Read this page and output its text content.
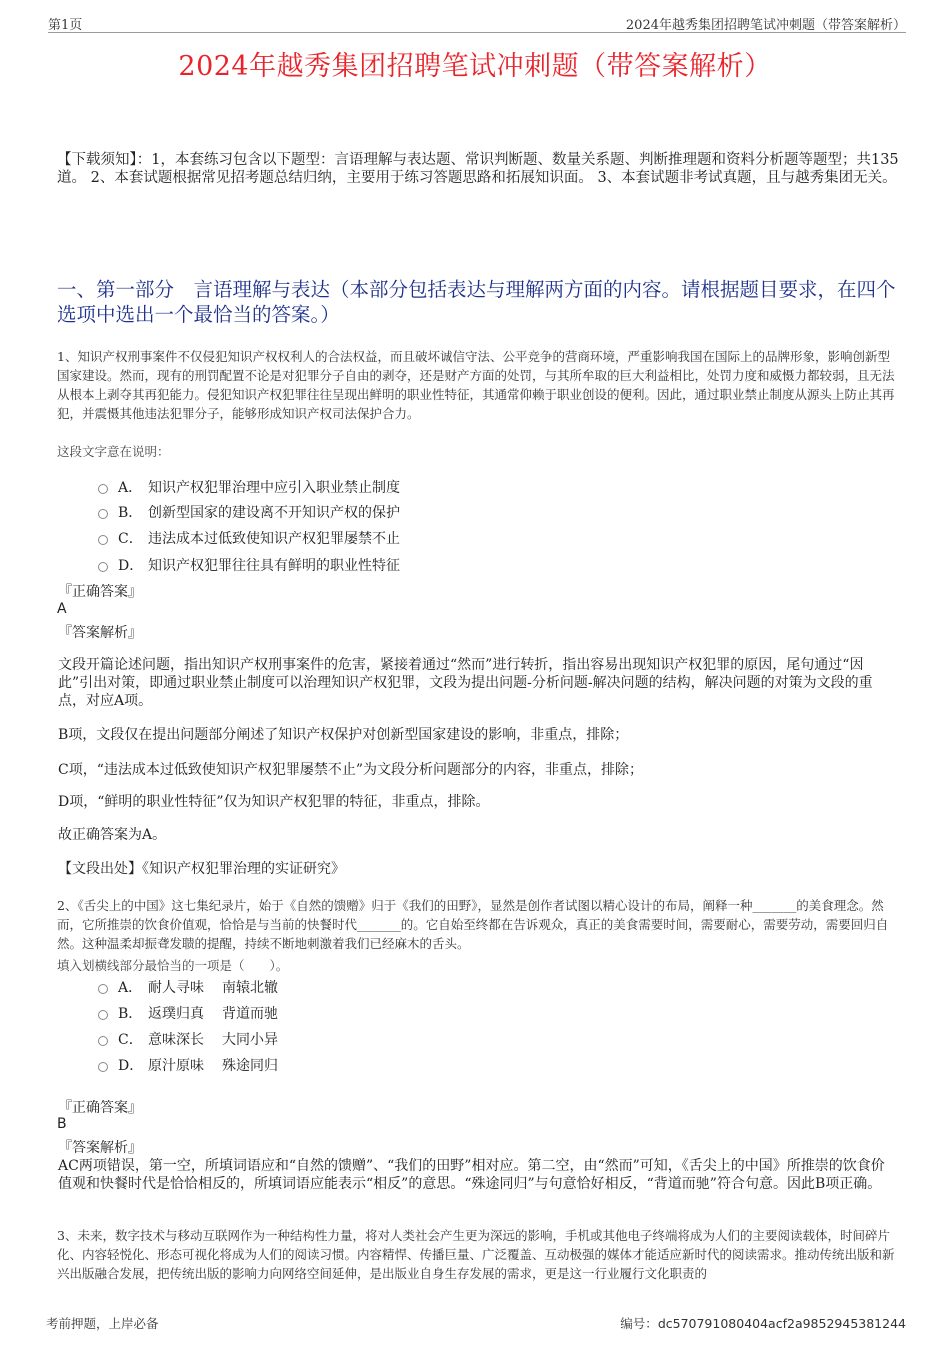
第1页	2024年越秀集团招聘笔试冲刺题（带答案解析）
2024年越秀集团招聘笔试冲刺题（带答案解析）
【下载须知】：1，本套练习包含以下题型：言语理解与表达题、常识判断题、数量关系题、判断推理题和资料分析题等题型；共135道。 2、本套试题根据常见招考题总结归纳，主要用于练习答题思路和拓展知识面。 3、本套试题非考试真题，且与越秀集团无关。
一、第一部分　言语理解与表达（本部分包括表达与理解两方面的内容。请根据题目要求，在四个选项中选出一个最恰当的答案。）
1、知识产权刑事案件不仅侵犯知识产权权利人的合法权益，而且破坏诚信守法、公平竞争的营商环境，严重影响我国在国际上的品牌形象，影响创新型国家建设。然而，现有的刑罚配置不论是对犯罪分子自由的剥夺，还是财产方面的处罚，与其所牟取的巨大利益相比，处罚力度和威慑力都较弱，且无法从根本上剥夺其再犯能力。侵犯知识产权犯罪往往呈现出鲜明的职业性特征，其通常仰赖于职业创设的便利。因此，通过职业禁止制度从源头上防止其再犯，并震慑其他违法犯罪分子，能够形成知识产权司法保护合力。
这段文字意在说明：
A． 知识产权犯罪治理中应引入职业禁止制度
B． 创新型国家的建设离不开知识产权的保护
C． 违法成本过低致使知识产权犯罪屡禁不止
D． 知识产权犯罪往往具有鲜明的职业性特征
『正确答案』
A
『答案解析』
文段开篇论述问题，指出知识产权刑事案件的危害，紧接着通过“然而”进行转折，指出容易出现知识产权犯罪的原因，尾句通过“因此”引出对策，即通过职业禁止制度可以治理知识产权犯罪，文段为提出问题-分析问题-解决问题的结构，解决问题的对策为文段的重点，对应A项。
B项，文段仅在提出问题部分阐述了知识产权保护对创新型国家建设的影响，非重点，排除；
C项，“违法成本过低致使知识产权犯罪屡禁不止”为文段分析问题部分的内容，非重点，排除；
D项，“鲜明的职业性特征”仅为知识产权犯罪的特征，非重点，排除。
故正确答案为A。
【文段出处】《知识产权犯罪治理的实证研究》
2、《舌尖上的中国》这七集纪录片，始于《自然的馈赠》归于《我们的田野》，显然是创作者试图以精心设计的布局，阐释一种_______的美食理念。然而，它所推崇的饮食价值观，恰恰是与当前的快餐时代_______的。它自始至终都在告诉观众，真正的美食需要时间，需要耐心，需要劳动，需要回归自然。这种温柔却振聋发聩的提醒，持续不断地刺激着我们已经麻木的舌头。
填入划横线部分最恰当的一项是（　　）。
A． 耐人寻味 南辕北辙
B． 返璞归真 背道而驰
C． 意味深长 大同小异
D． 原汁原味 殊途同归
『正确答案』
B
『答案解析』
AC两项错误，第一空，所填词语应和“自然的馈赠”、“我们的田野”相对应。第二空，由“然而”可知，《舌尖上的中国》所推崇的饮食价值观和快餐时代是恰恰相反的，所填词语应能表示“相反”的意思。“殊途同归”与句意恰好相反，“背道而驰”符合句意。因此B项正确。
3、未来，数字技术与移动互联网作为一种结构性力量，将对人类社会产生更为深远的影响，手机或其他电子终端将成为人们的主要阅读载体，时间碎片化、内容轻悦化、形态可视化将成为人们的阅读习惯。内容精悍、传播巨量、广泛覆盖、互动极强的媒体才能适应新时代的阅读需求。推动传统出版和新兴出版融合发展，把传统出版的影响力向网络空间延伸，是出版业自身生存发展的需求，更是这一行业履行文化职责的
考前押题，上岸必备	编号：dc570791080404acf2a9852945381244
